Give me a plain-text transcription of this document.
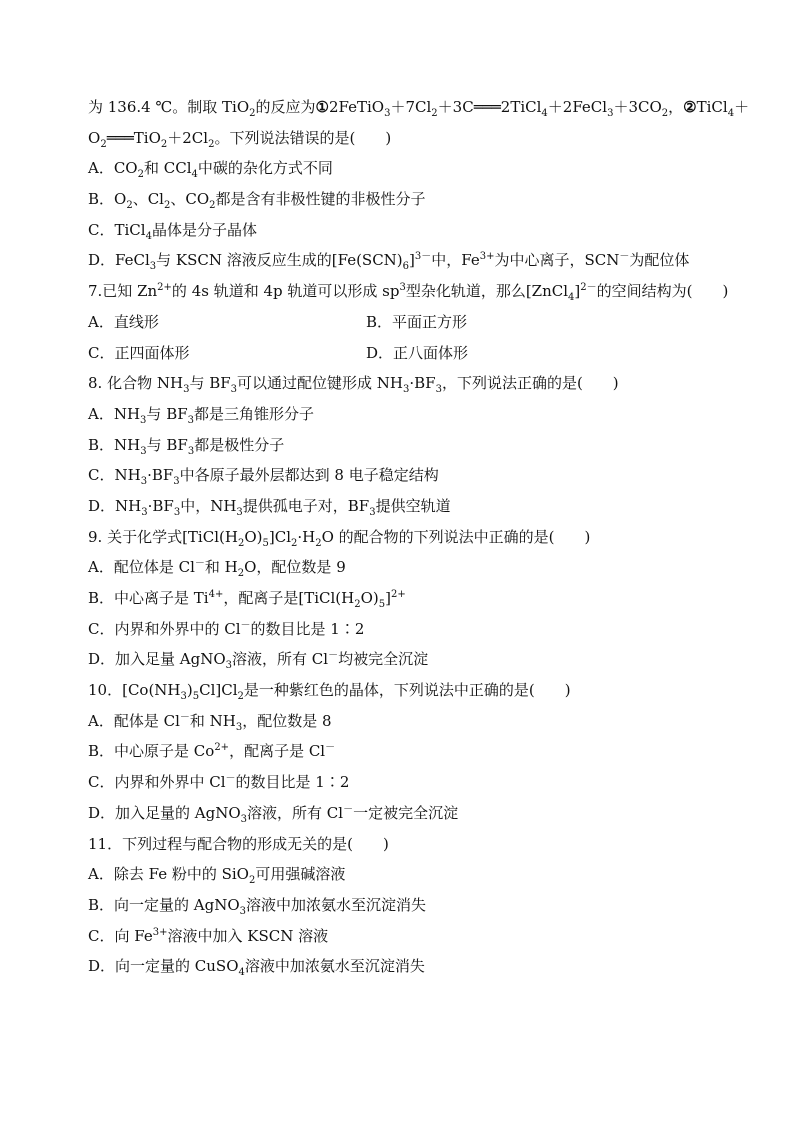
为 136.4 ℃。制取 TiO$_2$的反应为$①2FeTiO_3+7Cl_2+3C═══2TiCl_4+2FeCl_3+3CO_2$，②TiCl$_4$＋
$O_2═══TiO_2+2Cl_2$。下列说法错误的是(　　)
A．$CO_2$和 CCl$_4$中碳的杂化方式不同
B．$O_2$、$Cl_2$、$CO_2$都是含有非极性键的非极性分子
C．TiCl$_4$晶体是分子晶体
D．FeCl$_3$与 KSCN 溶液反应生成的$[Fe(SCN)_6]^{3-}$中，$Fe^{3+}$为中心离子，SCN－为配位体
7.已知 $Zn^{2+}$的 4s 轨道和 4p 轨道可以形成 $sp^3$型杂化轨道，那么[ZnCl$_4$]$^{2-}$的空间结构为(　　)
A．直线形	B．平面正方形
C．正四面体形	D．正八面体形
8. 化合物 $NH_3$与 $BF_3$可以通过配位键形成 $NH_3\cdot BF_3$，下列说法正确的是(　　)
A．$NH_3$与 $BF_3$都是三角锥形分子
B．$NH_3$与 $BF_3$都是极性分子
C．$NH_3\cdot BF_3$中各原子最外层都达到 8 电子稳定结构
D．$NH_3\cdot BF_3$中，$NH_3$提供孤电子对，$BF_3$提供空轨道
9. 关于化学式$[TiCl(H_2O)_5]Cl_2\cdot H_2O$ 的配合物的下列说法中正确的是(　　)
A．配位体是 Cl－和 $H_2O$，配位数是 9
B．中心离子是 $Ti^{4+}$，配离子是$[TiCl(H_2O)_5]^{2+}$
C．内界和外界中的 Cl－的数目比是 1∶2
D．加入足量 AgNO$_3$溶液，所有 Cl－均被完全沉淀
10．$[Co(NH_3)_5Cl]Cl_2$是一种紫红色的晶体，下列说法中正确的是(　　)
A．配体是 Cl－和 $NH_3$，配位数是 8
B．中心原子是 $Co^{2+}$，配离子是 Cl－
C．内界和外界中 Cl－的数目比是 1∶2
D．加入足量的 AgNO$_3$溶液，所有 Cl－一定被完全沉淀
11．下列过程与配合物的形成无关的是(　　)
A．除去 Fe 粉中的 SiO$_2$可用强碱溶液
B．向一定量的 AgNO$_3$溶液中加浓氨水至沉淀消失
C．向 $Fe^{3+}$溶液中加入 KSCN 溶液
D．向一定量的 CuSO$_4$溶液中加浓氨水至沉淀消失
